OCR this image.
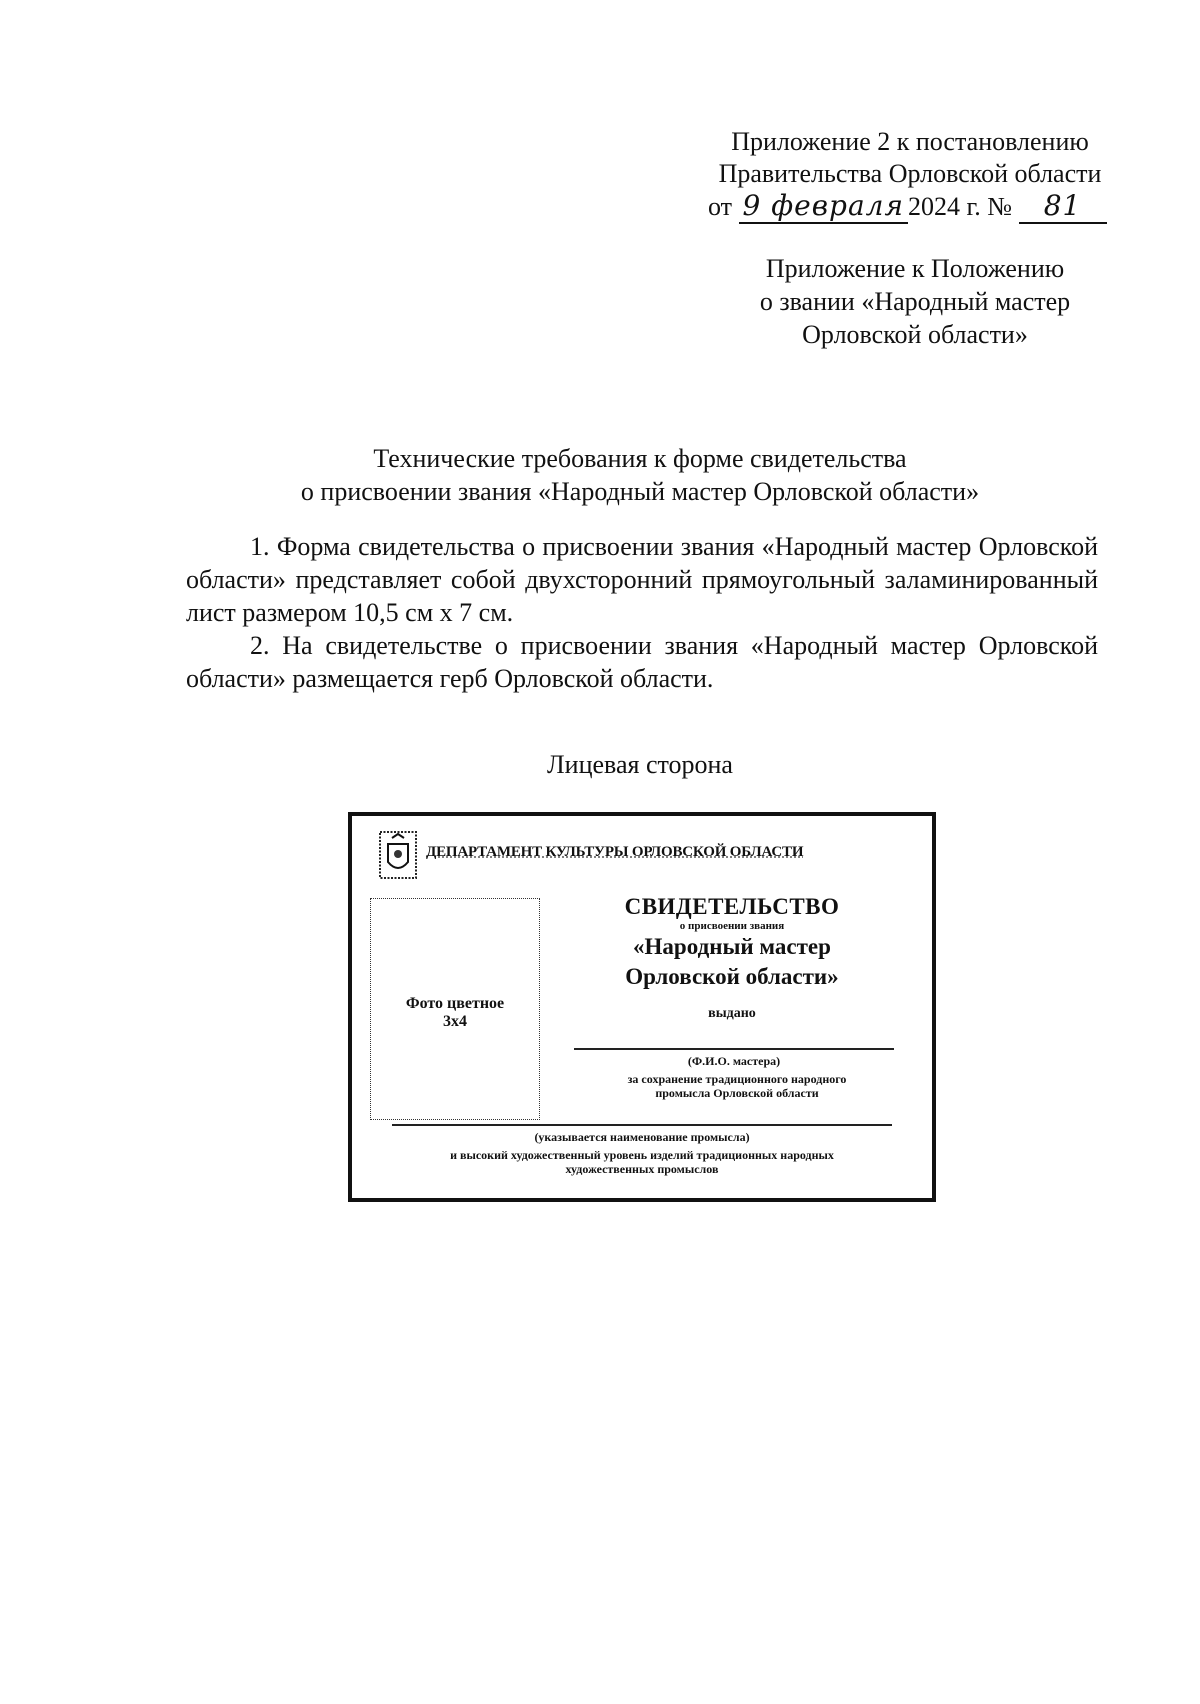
Приложение 2 к постановлению
Правительства Орловской области
от 9 февраля 2024 г. № 81
Приложение к Положению
о звании «Народный мастер
Орловской области»
Технические требования к форме свидетельства
о присвоении звания «Народный мастер Орловской области»

1. Форма свидетельства о присвоении звания «Народный мастер Орловской области» представляет собой двухсторонний прямоугольный заламинированный лист размером 10,5 см х 7 см.

2. На свидетельстве о присвоении звания «Народный мастер Орловской области» размещается герб Орловской области.

Лицевая сторона
ДЕПАРТАМЕНТ КУЛЬТУРЫ ОРЛОВСКОЙ ОБЛАСТИ
Фото цветное
3х4
СВИДЕТЕЛЬСТВО
о присвоении звания
«Народный мастер
Орловской области»
выдано
(Ф.И.О. мастера)
за сохранение традиционного народного
промысла Орловской области
(указывается наименование промысла)
и высокий художественный уровень изделий традиционных народных
художественных промыслов
